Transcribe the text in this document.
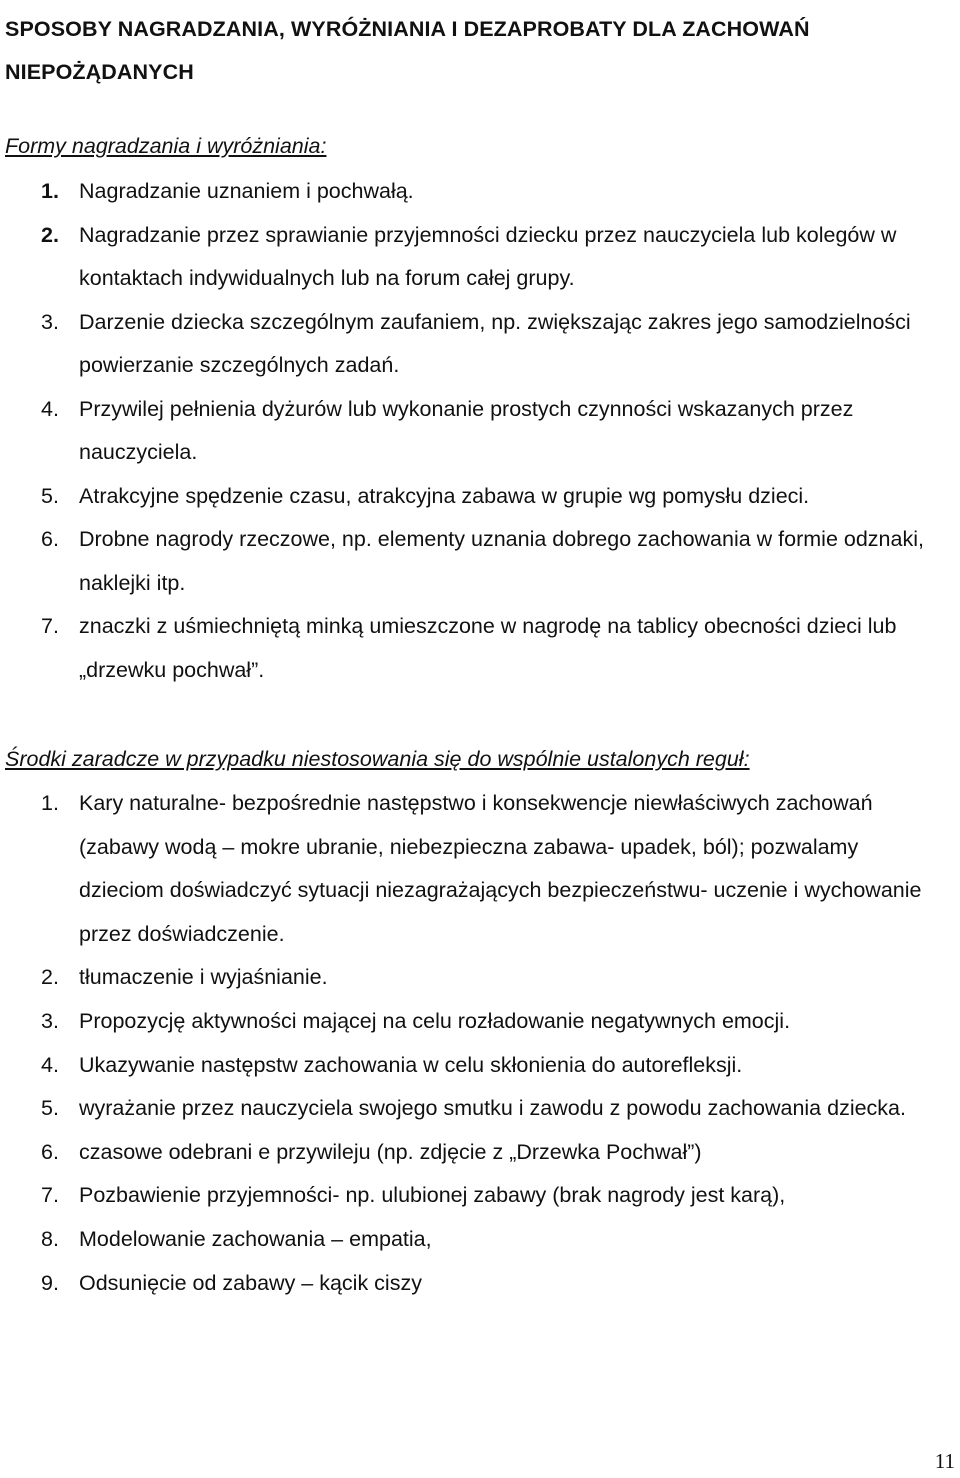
SPOSOBY NAGRADZANIA, WYRÓŻNIANIA I DEZAPROBATY DLA ZACHOWAŃ NIEPOŻĄDANYCH

Formy nagradzania i wyróżniania:

1. Nagradzanie uznaniem i pochwałą.
2. Nagradzanie przez sprawianie przyjemności dziecku przez nauczyciela lub kolegów w kontaktach indywidualnych lub na forum całej grupy.
3. Darzenie dziecka szczególnym zaufaniem, np. zwiększając zakres jego samodzielności powierzanie szczególnych zadań.
4. Przywilej pełnienia dyżurów lub wykonanie prostych czynności wskazanych przez nauczyciela.
5. Atrakcyjne spędzenie czasu, atrakcyjna zabawa w grupie wg pomysłu dzieci.
6. Drobne nagrody rzeczowe, np. elementy uznania dobrego zachowania w formie odznaki, naklejki itp.
7. znaczki z uśmiechniętą minką umieszczone w nagrodę na tablicy obecności dzieci lub „drzewku pochwał”.

Środki zaradcze w przypadku niestosowania się do wspólnie ustalonych reguł:

1. Kary naturalne- bezpośrednie następstwo i konsekwencje niewłaściwych zachowań (zabawy wodą – mokre ubranie, niebezpieczna zabawa- upadek, ból); pozwalamy dzieciom doświadczyć sytuacji niezagrażających bezpieczeństwu- uczenie i wychowanie przez doświadczenie.
2. tłumaczenie i wyjaśnianie.
3. Propozycję aktywności mającej na celu rozładowanie negatywnych emocji.
4. Ukazywanie następstw zachowania w celu skłonienia do autorefleksji.
5. wyrażanie przez nauczyciela swojego smutku i zawodu z powodu zachowania dziecka.
6. czasowe odebrani e przywileju (np. zdjęcie z „Drzewka Pochwał”)
7. Pozbawienie przyjemności- np. ulubionej zabawy (brak nagrody jest karą),
8. Modelowanie zachowania – empatia,
9. Odsunięcie od zabawy – kącik ciszy
11
